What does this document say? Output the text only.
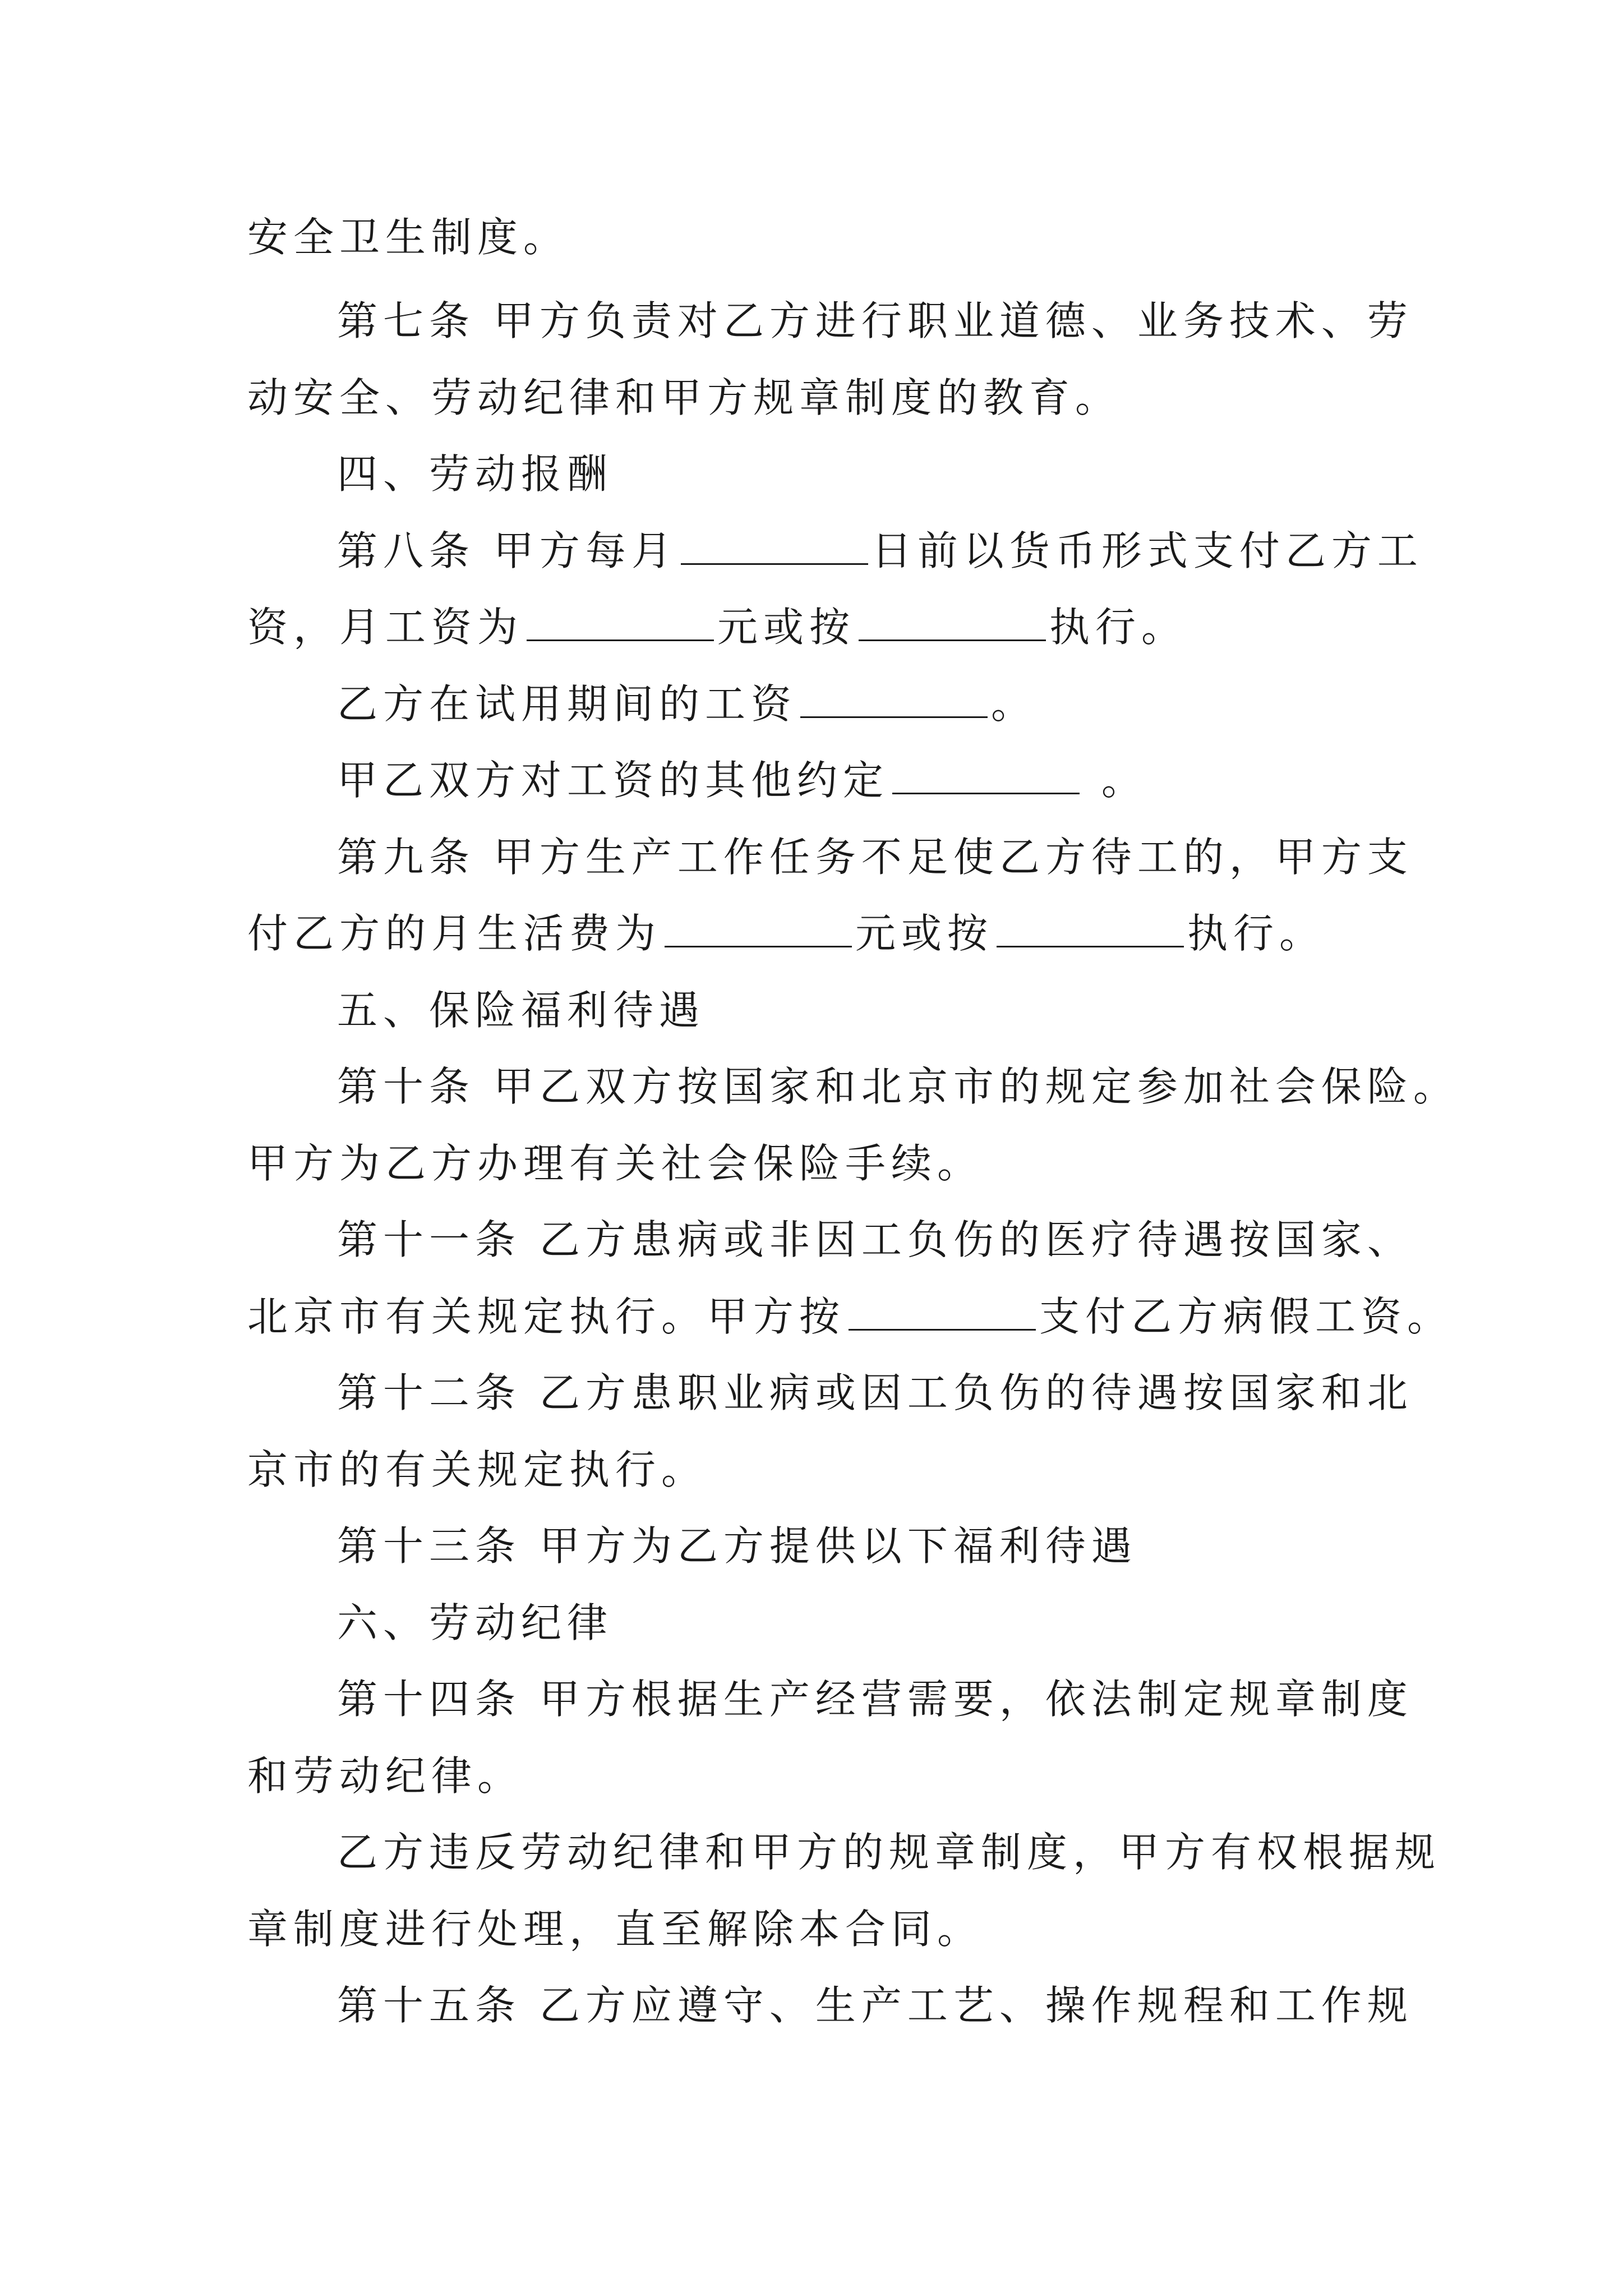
安全卫生制度。
第七条 甲方负责对乙方进行职业道德、业务技术、劳
动安全、劳动纪律和甲方规章制度的教育。
四、劳动报酬
第八条 甲方每月	日前以货币形式支付乙方工
资，月工资为	元或按	执行。
乙方在试用期间的工资	。
甲乙双方对工资的其他约定	。
第九条 甲方生产工作任务不足使乙方待工的，甲方支
付乙方的月生活费为	元或按	执行。
五、保险福利待遇
第十条 甲乙双方按国家和北京市的规定参加社会保险。
甲方为乙方办理有关社会保险手续。
第十一条 乙方患病或非因工负伤的医疗待遇按国家、
北京市有关规定执行。甲方按	支付乙方病假工资。
第十二条 乙方患职业病或因工负伤的待遇按国家和北
京市的有关规定执行。
第十三条 甲方为乙方提供以下福利待遇
六、劳动纪律
第十四条 甲方根据生产经营需要，依法制定规章制度
和劳动纪律。
乙方违反劳动纪律和甲方的规章制度，甲方有权根据规
章制度进行处理，直至解除本合同。
第十五条 乙方应遵守、生产工艺、操作规程和工作规
